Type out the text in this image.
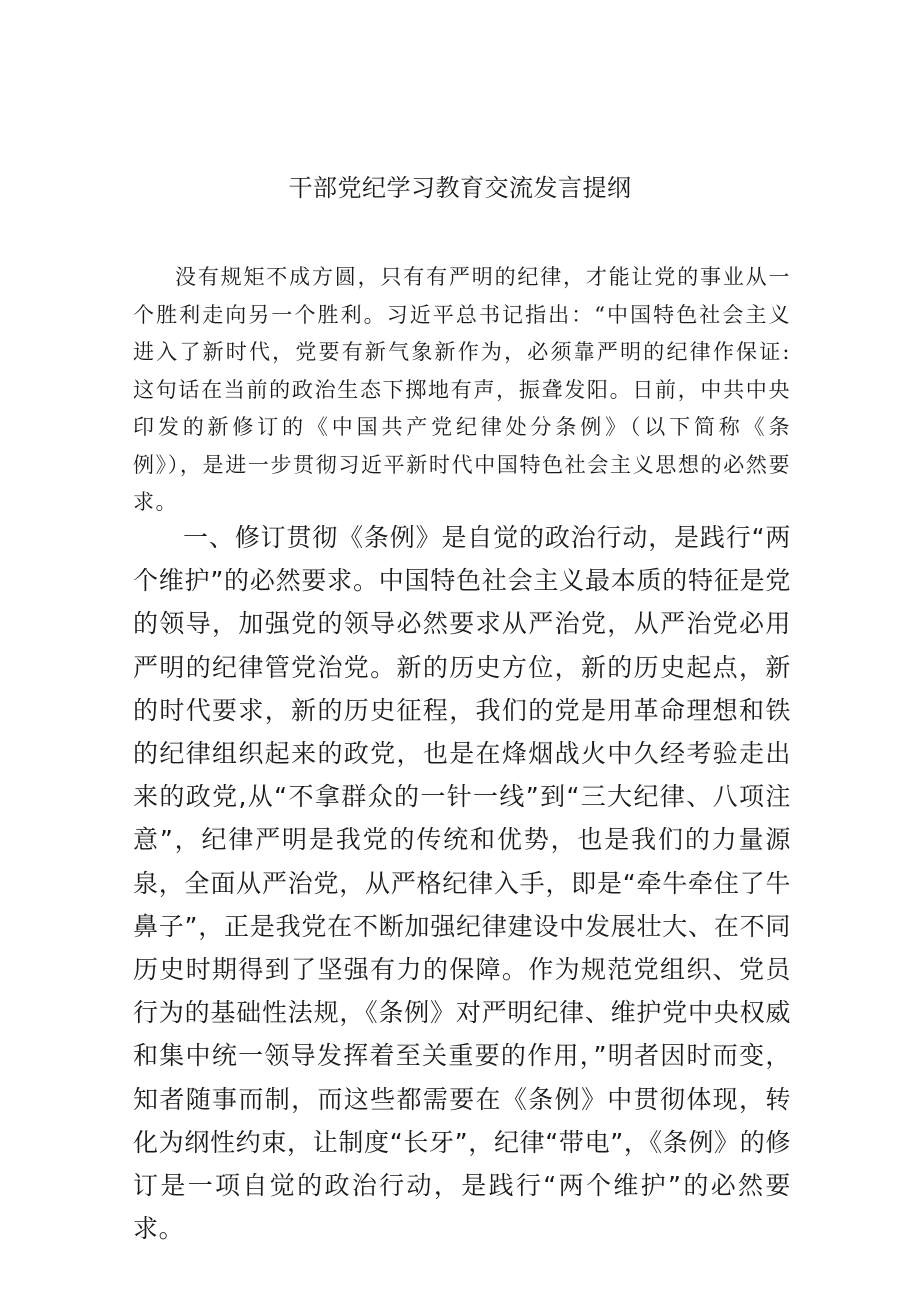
干部党纪学习教育交流发言提纲

没有规矩不成方圆，只有有严明的纪律，才能让党的事业从一个胜利走向另一个胜利。习近平总书记指出：“中国特色社会主义进入了新时代，党要有新气象新作为，必须靠严明的纪律作保证:这句话在当前的政治生态下掷地有声，振聋发阳。日前，中共中央印发的新修订的《中国共产党纪律处分条例》（以下简称《条例》），是进一步贯彻习近平新时代中国特色社会主义思想的必然要求。

一、修订贯彻《条例》是自觉的政治行动，是践行“两个维护”的必然要求。中国特色社会主义最本质的特征是党的领导，加强党的领导必然要求从严治党，从严治党必用严明的纪律管党治党。新的历史方位，新的历史起点，新的时代要求，新的历史征程，我们的党是用革命理想和铁的纪律组织起来的政党，也是在烽烟战火中久经考验走出来的政党,从“不拿群众的一针一线”到“三大纪律、八项注意”，纪律严明是我党的传统和优势，也是我们的力量源泉，全面从严治党，从严格纪律入手，即是“牵牛牵住了牛鼻子”，正是我党在不断加强纪律建设中发展壮大、在不同历史时期得到了坚强有力的保障。作为规范党组织、党员行为的基础性法规，《条例》对严明纪律、维护党中央权威和集中统一领导发挥着至关重要的作用，”明者因时而变，知者随事而制，而这些都需要在《条例》中贯彻体现，转化为纲性约束，让制度“长牙”，纪律“带电”，《条例》的修订是一项自觉的政治行动，是践行“两个维护”的必然要求。
